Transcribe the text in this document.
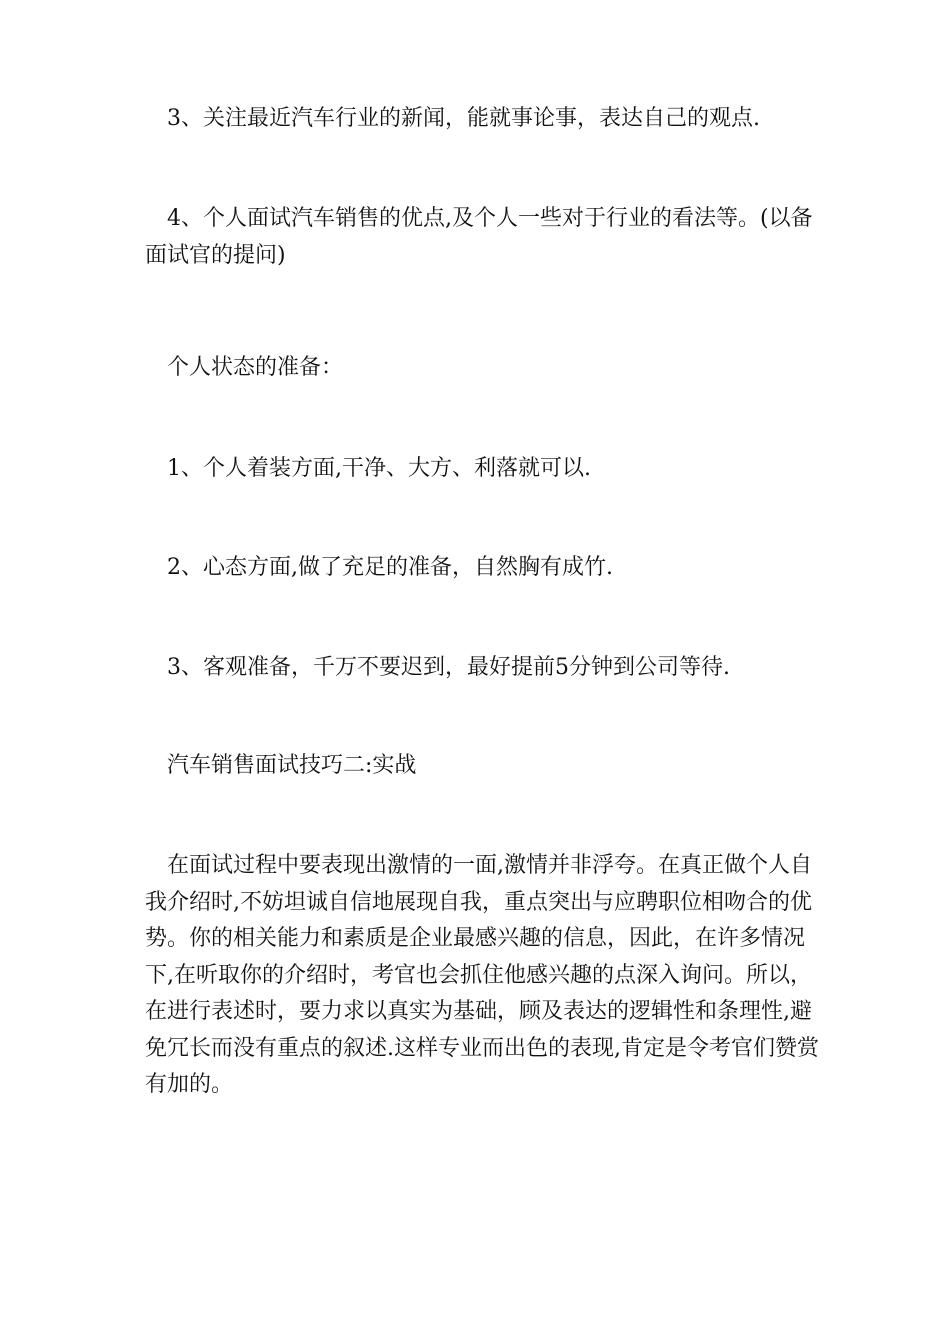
3、关注最近汽车行业的新闻，能就事论事，表达自己的观点.

4、个人面试汽车销售的优点,及个人一些对于行业的看法等。(以备面试官的提问)

个人状态的准备：

1、个人着装方面,干净、大方、利落就可以.

2、心态方面,做了充足的准备，自然胸有成竹.

3、客观准备，千万不要迟到，最好提前5分钟到公司等待.

汽车销售面试技巧二:实战

在面试过程中要表现出激情的一面,激情并非浮夸。在真正做个人自我介绍时,不妨坦诚自信地展现自我，重点突出与应聘职位相吻合的优势。你的相关能力和素质是企业最感兴趣的信息，因此，在许多情况下,在听取你的介绍时，考官也会抓住他感兴趣的点深入询问。所以，在进行表述时，要力求以真实为基础，顾及表达的逻辑性和条理性,避免冗长而没有重点的叙述.这样专业而出色的表现,肯定是令考官们赞赏有加的。
